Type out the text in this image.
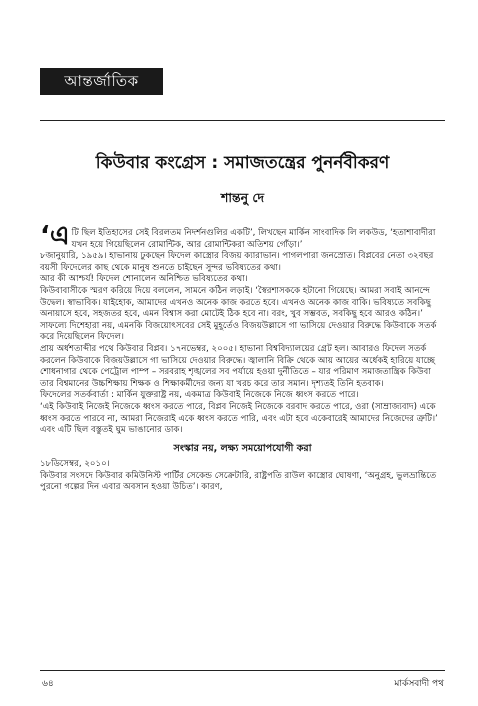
আন্তর্জাতিক
কিউবার কংগ্রেস : সমাজতন্ত্রের পুনর্নবীকরণ
শান্তনু দে

‘এটি ছিল ইতিহাসের সেই বিরলতম নিদর্শনগুলির একটি’, লিখছেন মার্কিন সাংবাদিক লি লকউড, ‘হতাশাবাদীরা যখন হয়ে গিয়েছিলেন রোমান্টিক, আর রোমান্টিকরা অতিশয় গোঁড়া।’

৮জানুয়ারি, ১৯৫৯। হাভানায় ঢুকছেন ফিদেল কাস্ত্রোর বিজয় ক্যারাভান। পাগলপারা জনস্রোত। বিপ্লবের নেতা ৩২বছর বয়সী ফিদেলের কাছ থেকে মানুষ শুনতে চাইছেন সুন্দর ভবিষ্যতের কথা।

আর কী আশ্চর্য! ফিদেল শোনালেন অনিশ্চিত ভবিষ্যতের কথা।

কিউবাবাসীকে স্মরণ করিয়ে দিয়ে বললেন, সামনে কঠিন লড়াই। ‘স্বৈরশাসককে হটানো গিয়েছে। আমরা সবাই আনন্দে উদ্বেল। স্বাভাবিক। যাইহোক, আমাদের এখনও অনেক কাজ করতে হবে। এখনও অনেক কাজ বাকি। ভবিষ্যতে সবকিছু অনায়াসে হবে, সহজতর হবে, এমন বিশ্বাস করা মোটেই ঠিক হবে না। বরং, খুব সম্ভবত, সবকিছু হবে আরও কঠিন।’

সাফল্যে দিশেহারা নয়, এমনকি বিজয়োৎসবের সেই মুহূর্তেও বিজয়উল্লাসে গা ভাসিয়ে দেওয়ার বিরুদ্ধে কিউবাকে সতর্ক করে দিয়েছিলেন ফিদেল।

প্রায় অর্ধশতাব্দীর পথে কিউবার বিপ্লব। ১৭নভেম্বর, ২০০৫। হাভানা বিশ্ববিদ্যালয়ের গ্রেট হল। আবারও ফিদেল সতর্ক করলেন কিউবাকে বিজয়উল্লাসে গা ভাসিয়ে দেওয়ার বিরুদ্ধে। জ্বালানি বিক্রি থেকে আয় আয়ের অর্ধেকই হারিয়ে যাচ্ছে শোধনাগার থেকে পেট্রোল পাম্প – সরবরাহ শৃঙ্খলের সব পর্যায়ে হওয়া দুর্নীতিতে – যার পরিমাণ সমাজতান্ত্রিক কিউবা তার বিশ্বমানের উচ্চশিক্ষায় শিক্ষক ও শিক্ষাকর্মীদের জন্য যা খরচ করে তার সমান। দৃশ্যতই তিনি হতবাক।

ফিদেলের সতর্কবার্তা : মার্কিন যুক্তরাষ্ট্র নয়, একমাত্র কিউবাই নিজেকে নিজে ধ্বংস করতে পারে।

‘এই কিউবাই নিজেই নিজেকে ধ্বংস করতে পারে, বিপ্লব নিজেই নিজেকে বরবাদ করতে পারে, ওরা (সাম্রাজ্যবাদ) একে ধ্বংস করতে পারবে না, আমরা নিজেরাই একে ধ্বংস করতে পারি, এবং এটা হবে একেবারেই আমাদের নিজেদের ত্রুটি।’

এবং এটি ছিল বস্তুতই ঘুম ভাঙানোর ডাক।

সংস্কার নয়, লক্ষ্য সময়োপযোগী করা

১৮ডিসেম্বর, ২০১০।

কিউবার সংসদে কিউবার কমিউনিস্ট পার্টির সেকেন্ড সেক্রেটারি, রাষ্ট্রপতি রাউল কাস্ত্রোর ঘোষণা, ‘অনুগ্রহ, ভুলভ্রান্তিতে পুরনো গল্পের দিন এবার অবসান হওয়া উচিত’। কারণ,

৬৪	মার্কসবাদী পথ
